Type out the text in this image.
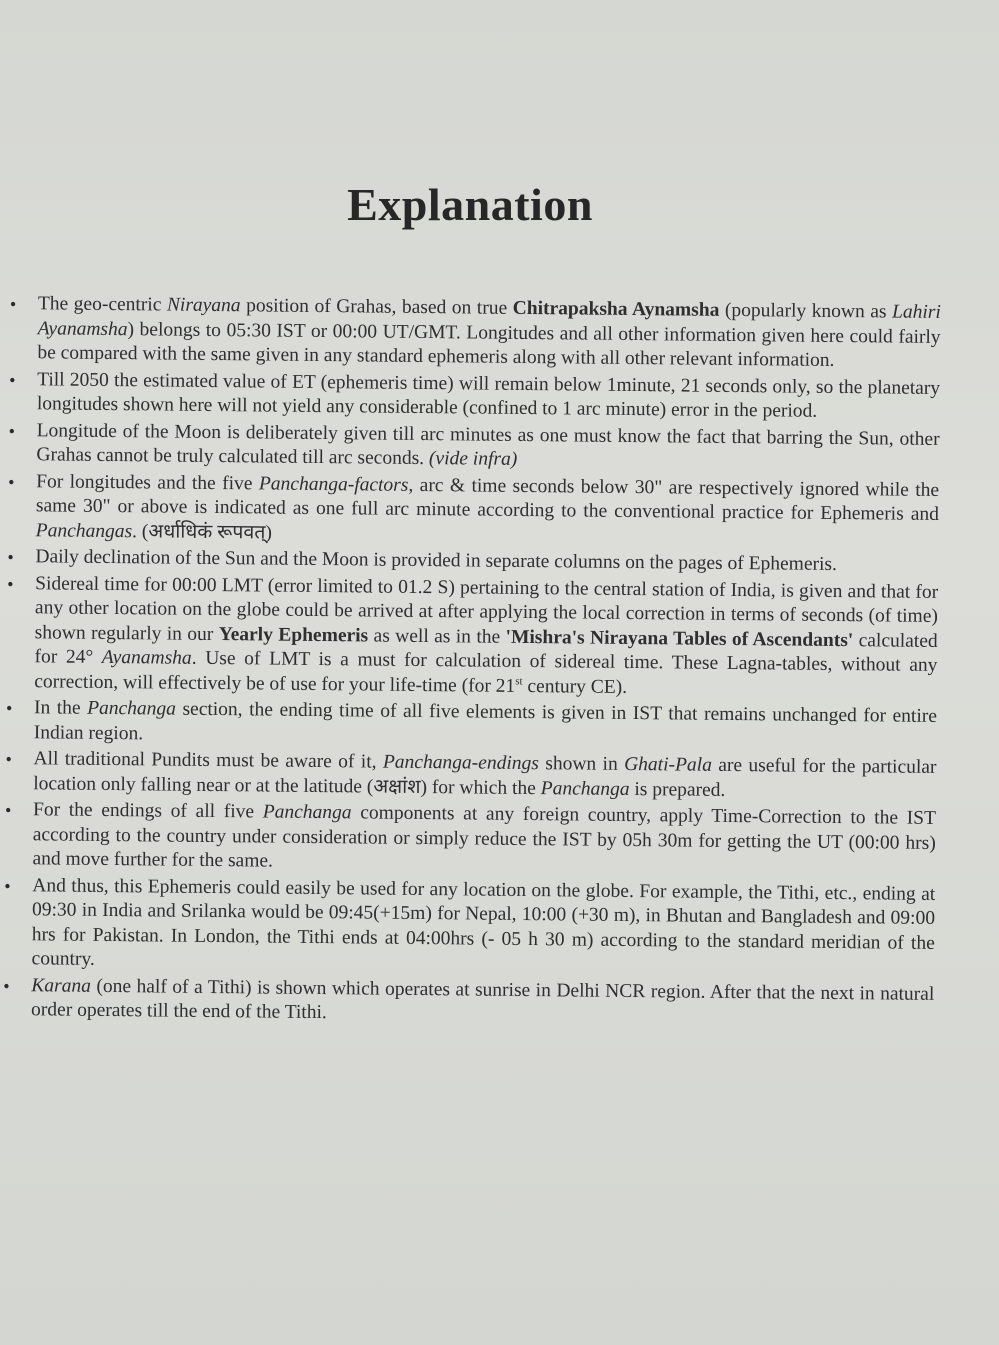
Explanation
• The geo-centric Nirayana position of Grahas, based on true Chitrapaksha Aynamsha (popularly known as Lahiri Ayanamsha) belongs to 05:30 IST or 00:00 UT/GMT. Longitudes and all other information given here could fairly be compared with the same given in any standard ephemeris along with all other relevant information.
• Till 2050 the estimated value of ET (ephemeris time) will remain below 1minute, 21 seconds only, so the planetary longitudes shown here will not yield any considerable (confined to 1 arc minute) error in the period.
• Longitude of the Moon is deliberately given till arc minutes as one must know the fact that barring the Sun, other Grahas cannot be truly calculated till arc seconds. (vide infra)
• For longitudes and the five Panchanga-factors, arc & time seconds below 30" are respectively ignored while the same 30" or above is indicated as one full arc minute according to the conventional practice for Ephemeris and Panchangas. (अर्धाधिकं रूपवत्)
• Daily declination of the Sun and the Moon is provided in separate columns on the pages of Ephemeris.
• Sidereal time for 00:00 LMT (error limited to 01.2 S) pertaining to the central station of India, is given and that for any other location on the globe could be arrived at after applying the local correction in terms of seconds (of time) shown regularly in our Yearly Ephemeris as well as in the 'Mishra's Nirayana Tables of Ascendants' calculated for 24° Ayanamsha. Use of LMT is a must for calculation of sidereal time. These Lagna-tables, without any correction, will effectively be of use for your life-time (for 21st century CE).
• In the Panchanga section, the ending time of all five elements is given in IST that remains unchanged for entire Indian region.
• All traditional Pundits must be aware of it, Panchanga-endings shown in Ghati-Pala are useful for the particular location only falling near or at the latitude (अक्षांश) for which the Panchanga is prepared.
• For the endings of all five Panchanga components at any foreign country, apply Time-Correction to the IST according to the country under consideration or simply reduce the IST by 05h 30m for getting the UT (00:00 hrs) and move further for the same.
• And thus, this Ephemeris could easily be used for any location on the globe. For example, the Tithi, etc., ending at 09:30 in India and Srilanka would be 09:45(+15m) for Nepal, 10:00 (+30 m), in Bhutan and Bangladesh and 09:00 hrs for Pakistan. In London, the Tithi ends at 04:00hrs (- 05 h 30 m) according to the standard meridian of the country.
• Karana (one half of a Tithi) is shown which operates at sunrise in Delhi NCR region. After that the next in natural order operates till the end of the Tithi.
